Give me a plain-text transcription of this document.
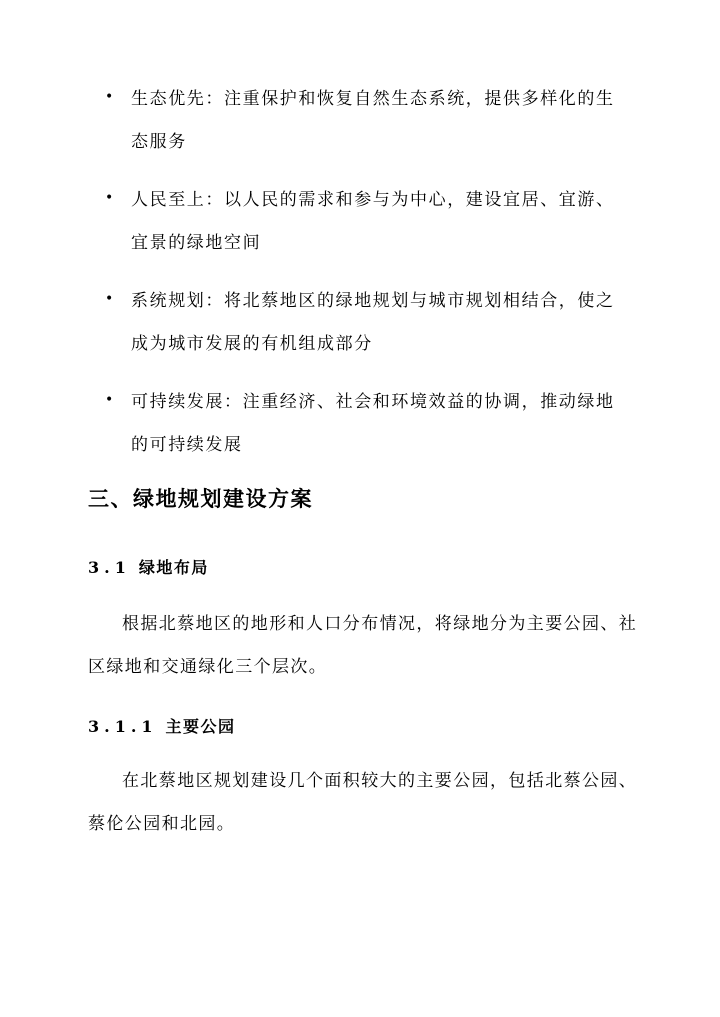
• 生态优先：注重保护和恢复自然生态系统，提供多样化的生态服务
• 人民至上：以人民的需求和参与为中心，建设宜居、宜游、宜景的绿地空间
• 系统规划：将北蔡地区的绿地规划与城市规划相结合，使之成为城市发展的有机组成部分
• 可持续发展：注重经济、社会和环境效益的协调，推动绿地的可持续发展
三、绿地规划建设方案
3.1 绿地布局

根据北蔡地区的地形和人口分布情况，将绿地分为主要公园、社区绿地和交通绿化三个层次。

3.1.1 主要公园

在北蔡地区规划建设几个面积较大的主要公园，包括北蔡公园、蔡伦公园和北园。
